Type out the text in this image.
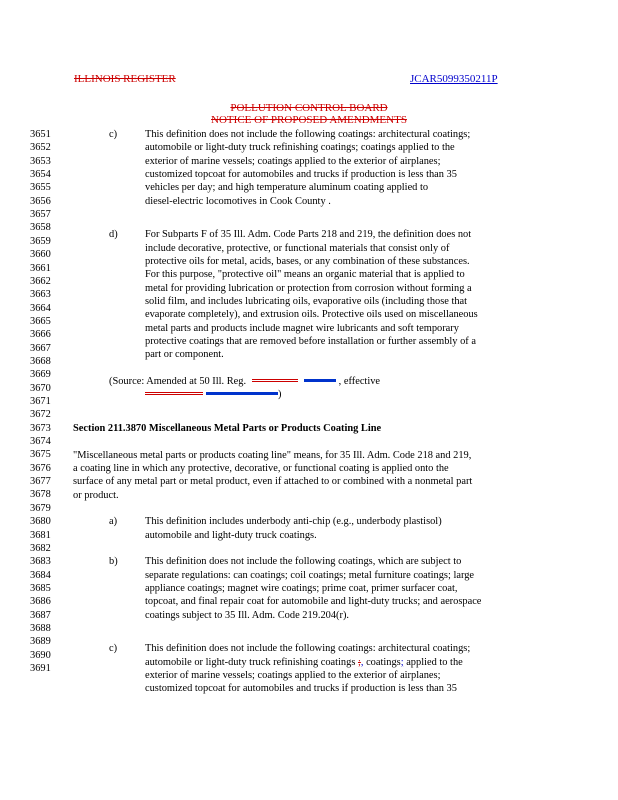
ILLINOIS REGISTER	JCAR5099350211P
POLLUTION CONTROL BOARD
NOTICE OF PROPOSED AMENDMENTS
3651
3652
3653
3654
3655
3656
3657
3658
3659
3660
3661
3662
3663
3664
3665
3666
3667
3668
3669
3670
3671
3672
3673
3674
3675
3676
3677
3678
3679
3680
3681
3682
3683
3684
3685
3686
3687
3688
3689
3690
3691
c)	This definition does not include the following coatings: architectural coatings;
automobile or light-duty truck refinishing coatings; coatings applied to the
exterior of marine vessels; coatings applied to the exterior of airplanes;
customized topcoat for automobiles and trucks if production is less than 35
vehicles per day; and high temperature aluminum coating applied to
diesel-electric locomotives in Cook County .
d)	For Subparts F of 35 Ill. Adm. Code Parts 218 and 219, the definition does not
include decorative, protective, or functional materials that consist only of
protective oils for metal, acids, bases, or any combination of these substances.
For this purpose, "protective oil" means an organic material that is applied to
metal for providing lubrication or protection from corrosion without forming a
solid film, and includes lubricating oils, evaporative oils (including those that
evaporate completely), and extrusion oils. Protective oils used on miscellaneous
metal parts and products include magnet wire lubricants and soft temporary
protective coatings that are removed before installation or further assembly of a
part or component.
(Source: Amended at 50 Ill. Reg.	, effective
)
Section 211.3870 Miscellaneous Metal Parts or Products Coating Line
"Miscellaneous metal parts or products coating line" means, for 35 Ill. Adm. Code 218 and 219,
a coating line in which any protective, decorative, or functional coating is applied onto the
surface of any metal part or metal product, even if attached to or combined with a nonmetal part
or product.
a)	This definition includes underbody anti-chip (e.g., underbody plastisol)
automobile and light-duty truck coatings.
b)	This definition does not include the following coatings, which are subject to
separate regulations: can coatings; coil coatings; metal furniture coatings; large
appliance coatings; magnet wire coatings; prime coat, primer surfacer coat,
topcoat, and final repair coat for automobile and light-duty trucks; and aerospace
coatings subject to 35 Ill. Adm. Code 219.204(r).
c)	This definition does not include the following coatings: architectural coatings;
automobile or light-duty truck refinishing coatings ;, coatings; applied to the
exterior of marine vessels; coatings applied to the exterior of airplanes;
customized topcoat for automobiles and trucks if production is less than 35
